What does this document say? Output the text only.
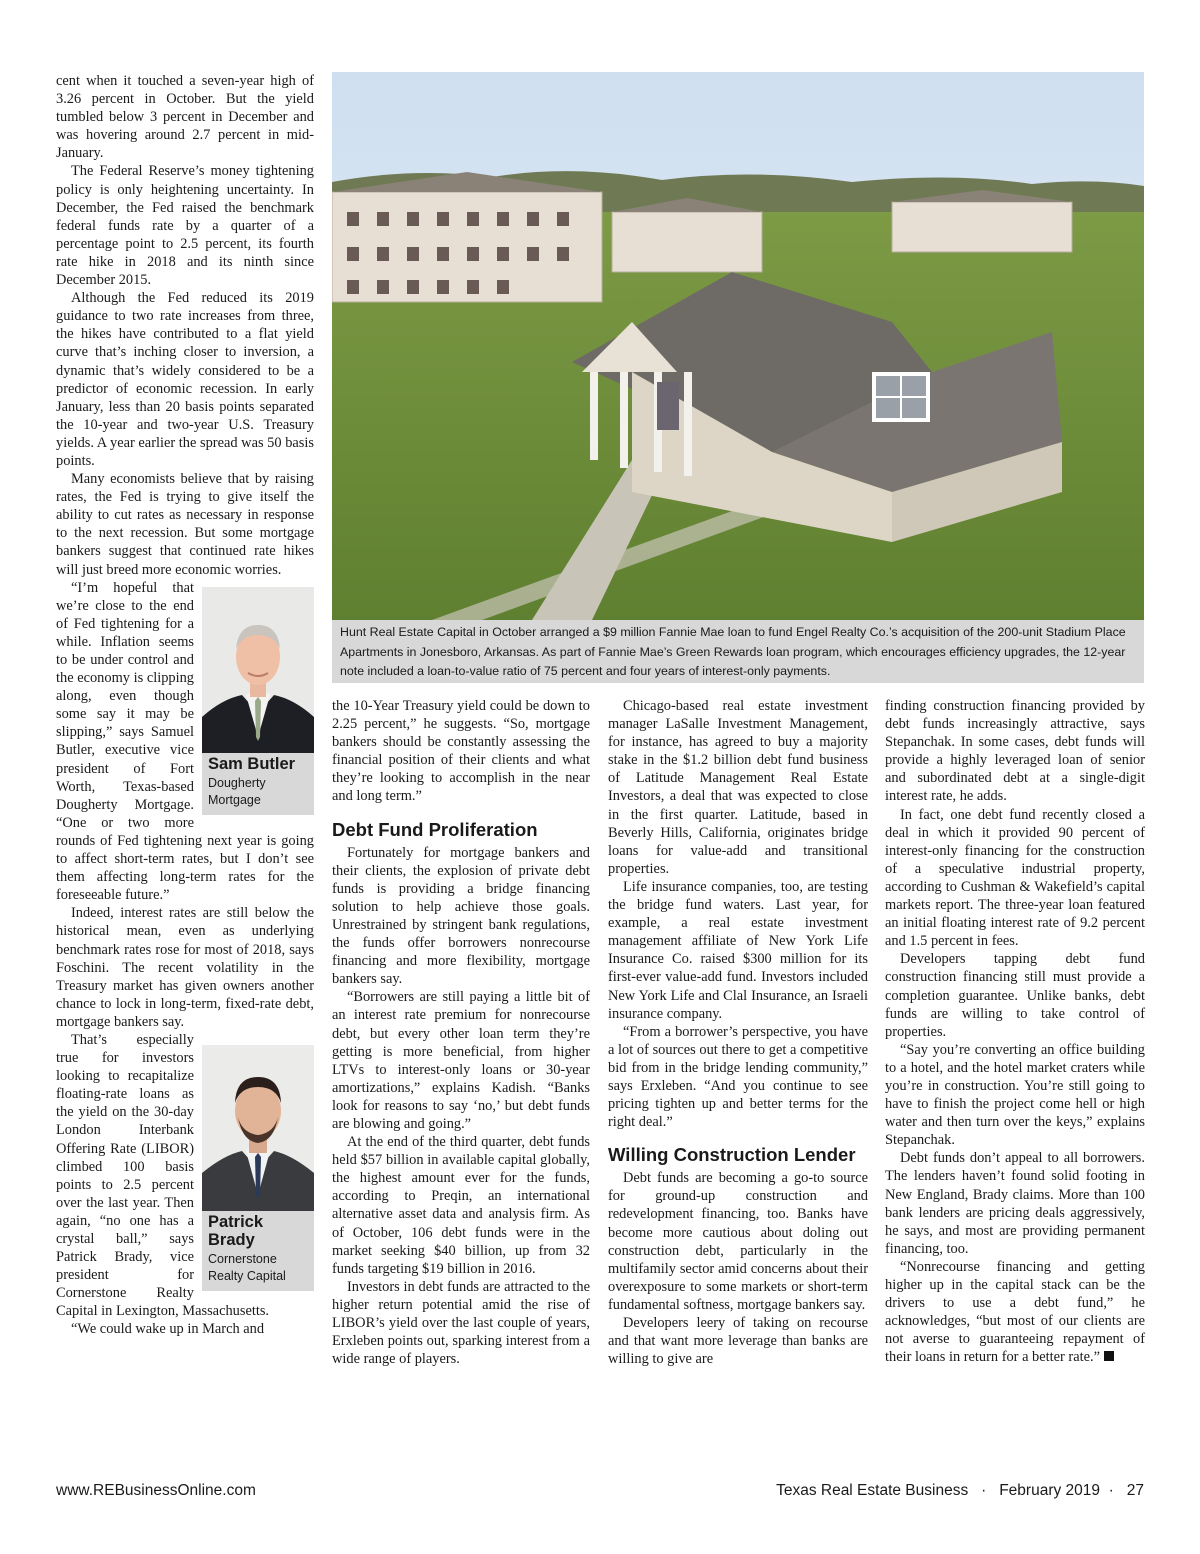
cent when it touched a seven-year high of 3.26 percent in October. But the yield tumbled below 3 percent in December and was hovering around 2.7 percent in mid-January.

The Federal Reserve’s money tightening policy is only heightening uncertainty. In December, the Fed raised the benchmark federal funds rate by a quarter of a percentage point to 2.5 percent, its fourth rate hike in 2018 and its ninth since December 2015.

Although the Fed reduced its 2019 guidance to two rate increases from three, the hikes have contributed to a flat yield curve that’s inching closer to inversion, a dynamic that’s widely considered to be a predictor of economic recession. In early January, less than 20 basis points separated the 10-year and two-year U.S. Treasury yields. A year earlier the spread was 50 basis points.

Many economists believe that by raising rates, the Fed is trying to give itself the ability to cut rates as necessary in response to the next recession. But some mortgage bankers suggest that continued rate hikes will just breed more economic worries.

Sam Butler
Dougherty Mortgage

“I’m hopeful that we’re close to the end of Fed tightening for a while. Inflation seems to be under control and the economy is clipping along, even though some say it may be slipping,” says Samuel Butler, executive vice president of Fort Worth, Texas-based Dougherty Mortgage. “One or two more rounds of Fed tightening next year is going to affect short-term rates, but I don’t see them affecting long-term rates for the foreseeable future.”

Indeed, interest rates are still below the historical mean, even as underlying benchmark rates rose for most of 2018, says Foschini. The recent volatility in the Treasury market has given owners another chance to lock in long-term, fixed-rate debt, mortgage bankers say.

Patrick Brady
Cornerstone Realty Capital

That’s especially true for investors looking to recapitalize floating-rate loans as the yield on the 30-day London Interbank Offering Rate (LIBOR) climbed 100 basis points to 2.5 percent over the last year. Then again, “no one has a crystal ball,” says Patrick Brady, vice president for Cornerstone Realty Capital in Lexington, Massachusetts.

“We could wake up in March and

Hunt Real Estate Capital in October arranged a $9 million Fannie Mae loan to fund Engel Realty Co.’s acquisition of the 200-unit Stadium Place Apartments in Jonesboro, Arkansas. As part of Fannie Mae’s Green Rewards loan program, which encourages efficiency upgrades, the 12-year note included a loan-to-value ratio of 75 percent and four years of interest-only payments.

the 10-Year Treasury yield could be down to 2.25 percent,” he suggests. “So, mortgage bankers should be constantly assessing the financial position of their clients and what they’re looking to accomplish in the near and long term.”

Debt Fund Proliferation

Fortunately for mortgage bankers and their clients, the explosion of private debt funds is providing a bridge financing solution to help achieve those goals. Unrestrained by stringent bank regulations, the funds offer borrowers nonrecourse financing and more flexibility, mortgage bankers say.

“Borrowers are still paying a little bit of an interest rate premium for nonrecourse debt, but every other loan term they’re getting is more beneficial, from higher LTVs to interest-only loans or 30-year amortizations,” explains Kadish. “Banks look for reasons to say ‘no,’ but debt funds are blowing and going.”

At the end of the third quarter, debt funds held $57 billion in available capital globally, the highest amount ever for the funds, according to Preqin, an international alternative asset data and analysis firm. As of October, 106 debt funds were in the market seeking $40 billion, up from 32 funds targeting $19 billion in 2016.

Investors in debt funds are attracted to the higher return potential amid the rise of LIBOR’s yield over the last couple of years, Erxleben points out, sparking interest from a wide range of players.

Chicago-based real estate investment manager LaSalle Investment Management, for instance, has agreed to buy a majority stake in the $1.2 billion debt fund business of Latitude Management Real Estate Investors, a deal that was expected to close in the first quarter. Latitude, based in Beverly Hills, California, originates bridge loans for value-add and transitional properties.

Life insurance companies, too, are testing the bridge fund waters. Last year, for example, a real estate investment management affiliate of New York Life Insurance Co. raised $300 million for its first-ever value-add fund. Investors included New York Life and Clal Insurance, an Israeli insurance company.

“From a borrower’s perspective, you have a lot of sources out there to get a competitive bid from in the bridge lending community,” says Erxleben. “And you continue to see pricing tighten up and better terms for the right deal.”

Willing Construction Lender

Debt funds are becoming a go-to source for ground-up construction and redevelopment financing, too. Banks have become more cautious about doling out construction debt, particularly in the multifamily sector amid concerns about their overexposure to some markets or short-term fundamental softness, mortgage bankers say.

Developers leery of taking on recourse and that want more leverage than banks are willing to give are

finding construction financing provided by debt funds increasingly attractive, says Stepanchak. In some cases, debt funds will provide a highly leveraged loan of senior and subordinated debt at a single-digit interest rate, he adds.

In fact, one debt fund recently closed a deal in which it provided 90 percent of interest-only financing for the construction of a speculative industrial property, according to Cushman & Wakefield’s capital markets report. The three-year loan featured an initial floating interest rate of 9.2 percent and 1.5 percent in fees.

Developers tapping debt fund construction financing still must provide a completion guarantee. Unlike banks, debt funds are willing to take control of properties.

“Say you’re converting an office building to a hotel, and the hotel market craters while you’re in construction. You’re still going to have to finish the project come hell or high water and then turn over the keys,” explains Stepanchak.

Debt funds don’t appeal to all borrowers. The lenders haven’t found solid footing in New England, Brady claims. More than 100 bank lenders are pricing deals aggressively, he says, and most are providing permanent financing, too.

“Nonrecourse financing and getting higher up in the capital stack can be the drivers to use a debt fund,” he acknowledges, “but most of our clients are not averse to guaranteeing repayment of their loans in return for a better rate.”

www.REBusinessOnline.com	Texas Real Estate Business · February 2019 · 27
